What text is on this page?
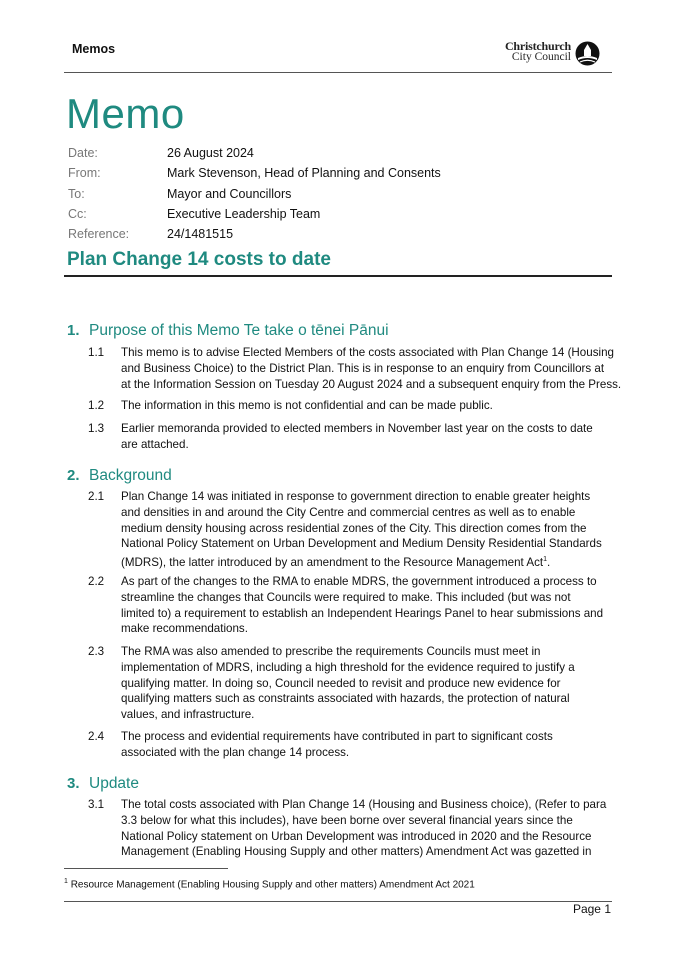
Memos	Christchurch
City Council
Memo
Date:	26 August 2024
From:	Mark Stevenson, Head of Planning and Consents
To:	Mayor and Councillors
Cc:	Executive Leadership Team
Reference:	24/1481515
Plan Change 14 costs to date
1. Purpose of this Memo Te take o tēnei Pānui
1.1 This memo is to advise Elected Members of the costs associated with Plan Change 14 (Housing
and Business Choice) to the District Plan. This is in response to an enquiry from Councillors at
at the Information Session on Tuesday 20 August 2024 and a subsequent enquiry from the Press.
1.2 The information in this memo is not confidential and can be made public.
1.3 Earlier memoranda provided to elected members in November last year on the costs to date
are attached.
2. Background
2.1 Plan Change 14 was initiated in response to government direction to enable greater heights
and densities in and around the City Centre and commercial centres as well as to enable
medium density housing across residential zones of the City. This direction comes from the
National Policy Statement on Urban Development and Medium Density Residential Standards
(MDRS), the latter introduced by an amendment to the Resource Management Act$^1$.
2.2 As part of the changes to the RMA to enable MDRS, the government introduced a process to
streamline the changes that Councils were required to make. This included (but was not
limited to) a requirement to establish an Independent Hearings Panel to hear submissions and
make recommendations.
2.3 The RMA was also amended to prescribe the requirements Councils must meet in
implementation of MDRS, including a high threshold for the evidence required to justify a
qualifying matter. In doing so, Council needed to revisit and produce new evidence for
qualifying matters such as constraints associated with hazards, the protection of natural
values, and infrastructure.
2.4 The process and evidential requirements have contributed in part to significant costs
associated with the plan change 14 process.
3. Update
3.1 The total costs associated with Plan Change 14 (Housing and Business choice), (Refer to para
3.3 below for what this includes), have been borne over several financial years since the
National Policy statement on Urban Development was introduced in 2020 and the Resource
Management (Enabling Housing Supply and other matters) Amendment Act was gazetted in
$^1$ Resource Management (Enabling Housing Supply and other matters) Amendment Act 2021
Page 1
